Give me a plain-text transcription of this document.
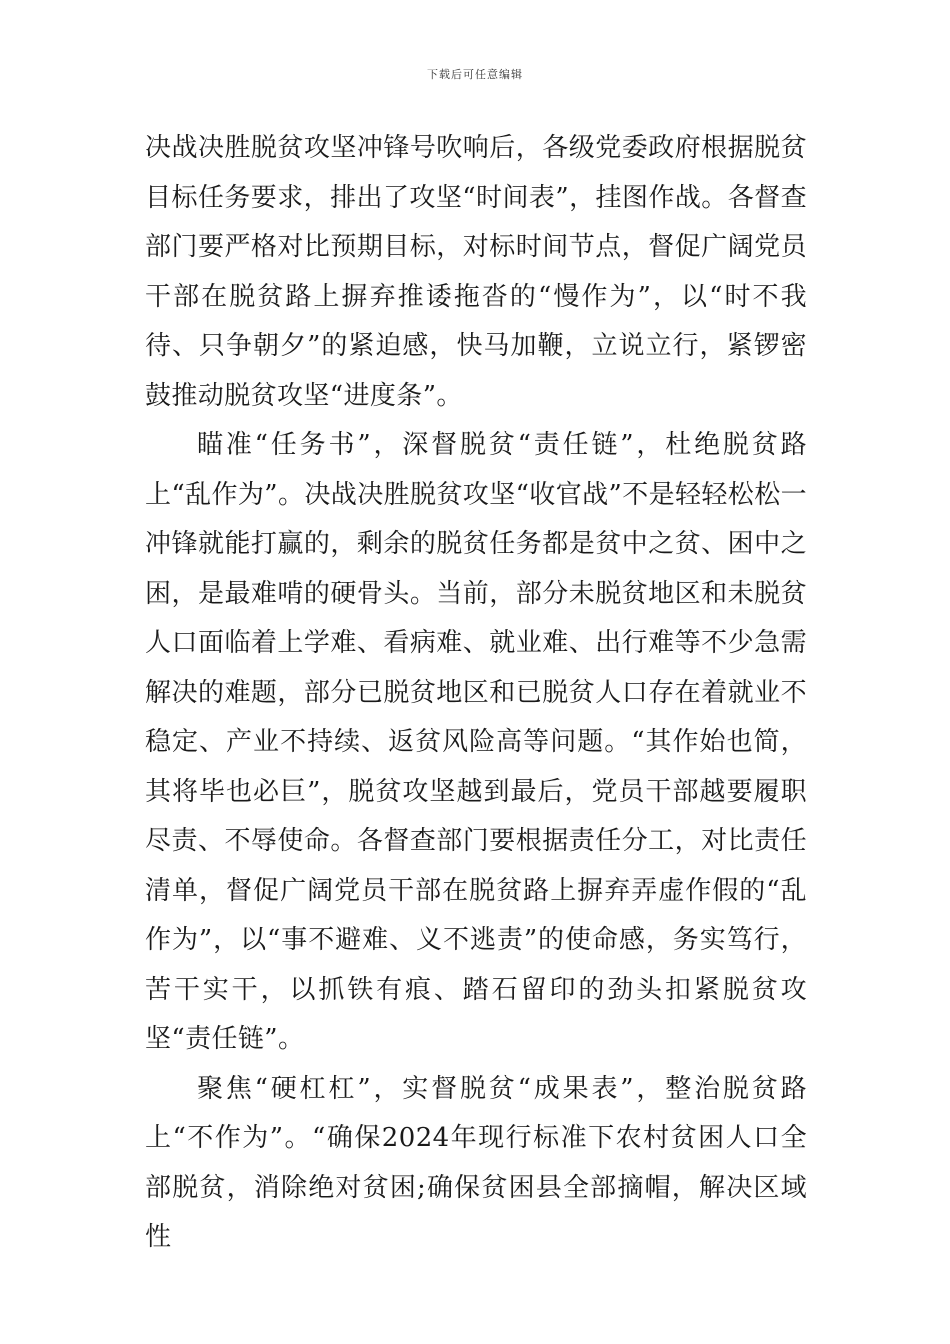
下载后可任意编辑

决战决胜脱贫攻坚冲锋号吹响后，各级党委政府根据脱贫目标任务要求，排出了攻坚“时间表”，挂图作战。各督查部门要严格对比预期目标，对标时间节点，督促广阔党员干部在脱贫路上摒弃推诿拖沓的“慢作为”，以“时不我待、只争朝夕”的紧迫感，快马加鞭，立说立行，紧锣密鼓推动脱贫攻坚“进度条”。

瞄准“任务书”，深督脱贫“责任链”，杜绝脱贫路上“乱作为”。决战决胜脱贫攻坚“收官战”不是轻轻松松一冲锋就能打赢的，剩余的脱贫任务都是贫中之贫、困中之困，是最难啃的硬骨头。当前，部分未脱贫地区和未脱贫人口面临着上学难、看病难、就业难、出行难等不少急需解决的难题，部分已脱贫地区和已脱贫人口存在着就业不稳定、产业不持续、返贫风险高等问题。“其作始也简，其将毕也必巨”，脱贫攻坚越到最后，党员干部越要履职尽责、不辱使命。各督查部门要根据责任分工，对比责任清单，督促广阔党员干部在脱贫路上摒弃弄虚作假的“乱作为”，以“事不避难、义不逃责”的使命感，务实笃行，苦干实干，以抓铁有痕、踏石留印的劲头扣紧脱贫攻坚“责任链”。

聚焦“硬杠杠”，实督脱贫“成果表”，整治脱贫路上“不作为”。“确保2024年现行标准下农村贫困人口全部脱贫，消除绝对贫困;确保贫困县全部摘帽，解决区域性
